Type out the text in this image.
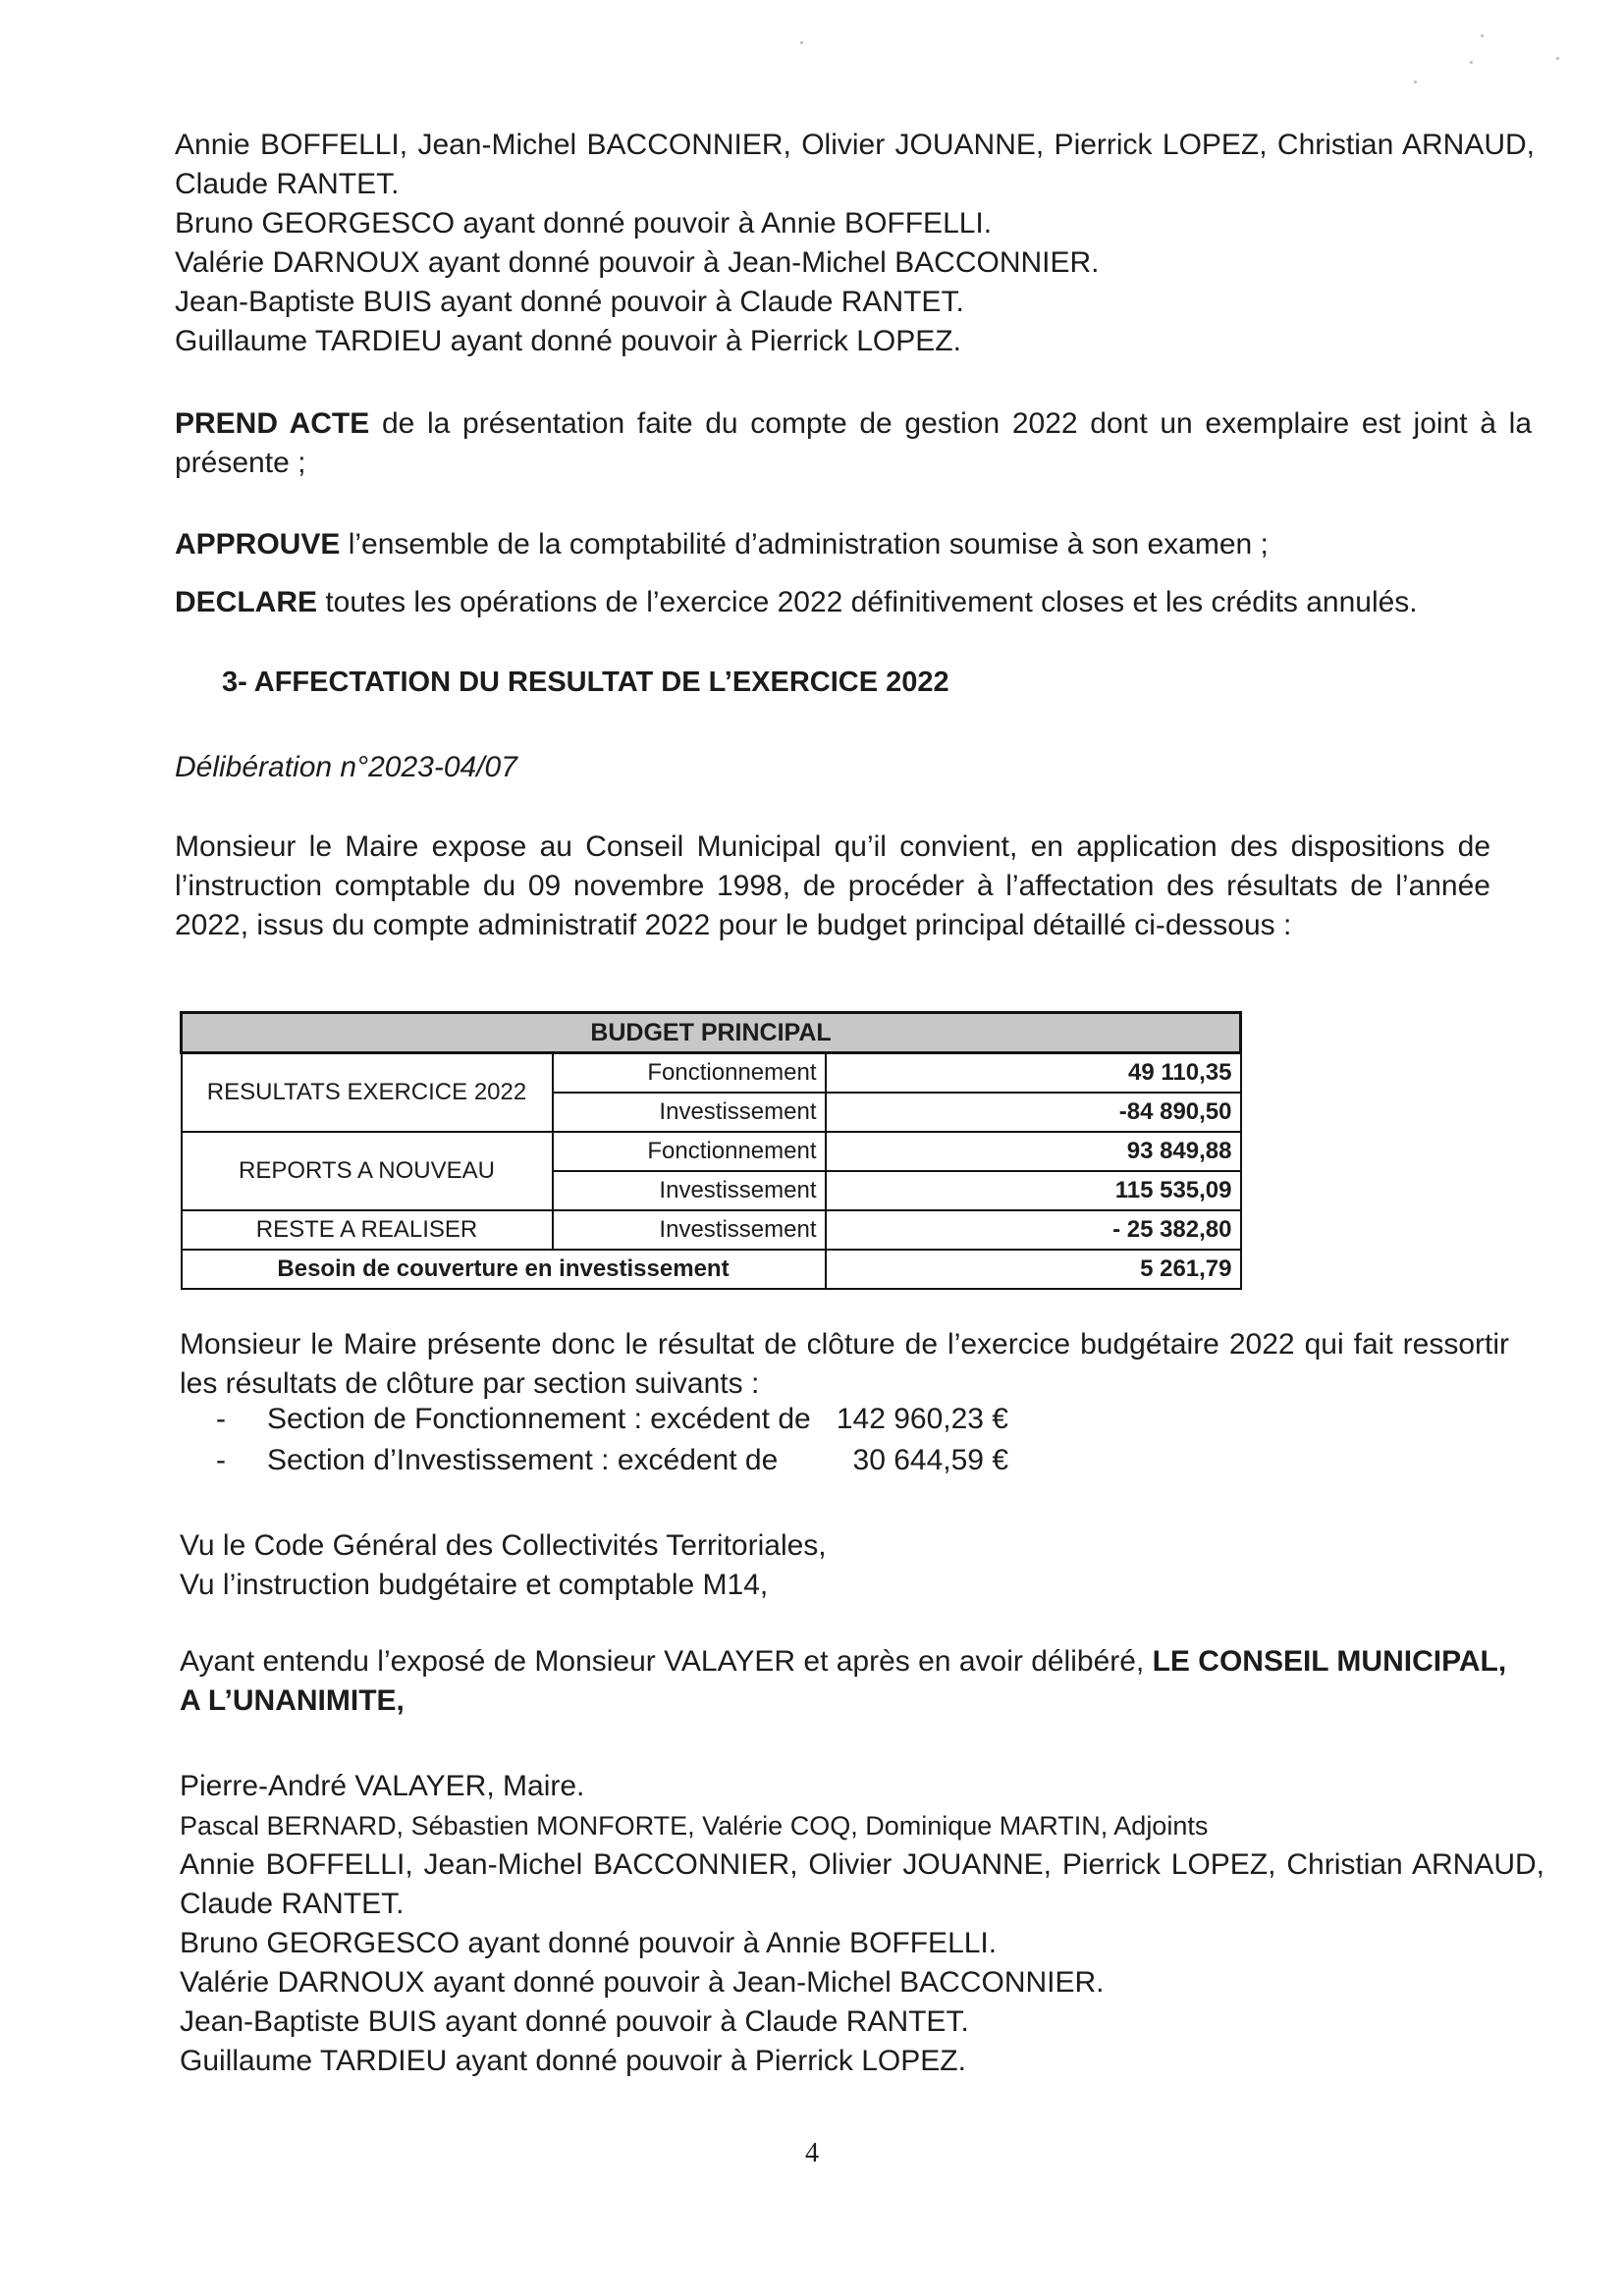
Annie BOFFELLI, Jean-Michel BACCONNIER, Olivier JOUANNE, Pierrick LOPEZ, Christian ARNAUD,

Claude RANTET.

Bruno GEORGESCO ayant donné pouvoir à Annie BOFFELLI.

Valérie DARNOUX ayant donné pouvoir à Jean-Michel BACCONNIER.

Jean-Baptiste BUIS ayant donné pouvoir à Claude RANTET.

Guillaume TARDIEU ayant donné pouvoir à Pierrick LOPEZ.

PREND ACTE de la présentation faite du compte de gestion 2022 dont un exemplaire est joint à la présente ;
APPROUVE l’ensemble de la comptabilité d’administration soumise à son examen ;
DECLARE toutes les opérations de l’exercice 2022 définitivement closes et les crédits annulés.
3- AFFECTATION DU RESULTAT DE L’EXERCICE 2022
Délibération n°2023-04/07
Monsieur le Maire expose au Conseil Municipal qu’il convient, en application des dispositions de l’instruction comptable du 09 novembre 1998, de procéder à l’affectation des résultats de l’année 2022, issus du compte administratif 2022 pour le budget principal détaillé ci-dessous :
BUDGET PRINCIPAL		
RESULTATS EXERCICE 2022	Fonctionnement	49 110,35
	Investissement	-84 890,50
REPORTS A NOUVEAU	Fonctionnement	93 849,88
	Investissement	115 535,09
RESTE A REALISER	Investissement	- 25 382,80
Besoin de couverture en investissement		5 261,79
Monsieur le Maire présente donc le résultat de clôture de l’exercice budgétaire 2022 qui fait ressortir les résultats de clôture par section suivants :
-	Section de Fonctionnement : excédent de 142 960,23 €
-	Section d’Investissement : excédent de	30 644,59 €

Vu le Code Général des Collectivités Territoriales,

Vu l’instruction budgétaire et comptable M14,

Ayant entendu l’exposé de Monsieur VALAYER et après en avoir délibéré, LE CONSEIL MUNICIPAL, A L’UNANIMITE,

Pierre-André VALAYER, Maire.

Pascal BERNARD, Sébastien MONFORTE, Valérie COQ, Dominique MARTIN, Adjoints

Annie BOFFELLI, Jean-Michel BACCONNIER, Olivier JOUANNE, Pierrick LOPEZ, Christian ARNAUD,

Claude RANTET.

Bruno GEORGESCO ayant donné pouvoir à Annie BOFFELLI.

Valérie DARNOUX ayant donné pouvoir à Jean-Michel BACCONNIER.

Jean-Baptiste BUIS ayant donné pouvoir à Claude RANTET.

Guillaume TARDIEU ayant donné pouvoir à Pierrick LOPEZ.

4
